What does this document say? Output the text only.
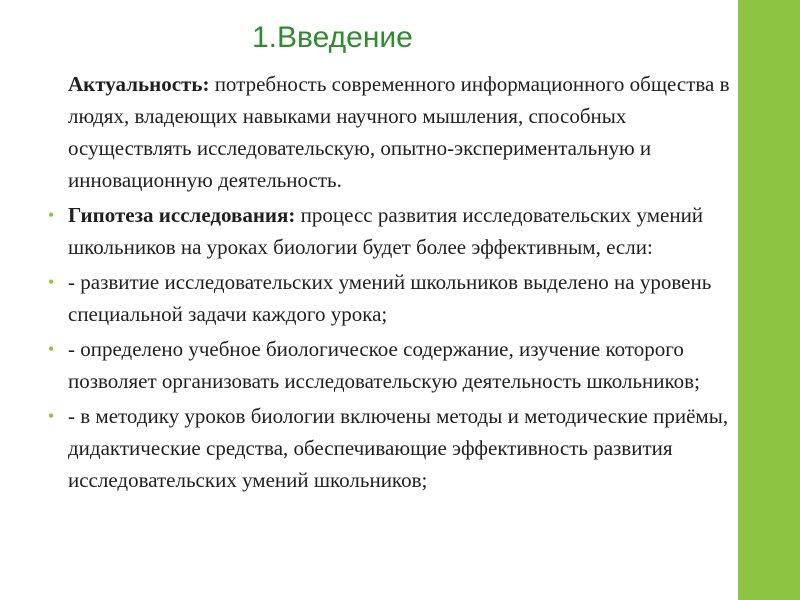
1.Введение

Актуальность: потребность современного информационного общества в людях, владеющих навыками научного мышления, способных осуществлять исследовательскую, опытно-экспериментальную и инновационную деятельность.

• Гипотеза исследования: процесс развития исследовательских умений школьников на уроках биологии будет более эффективным, если:

• - развитие исследовательских умений школьников выделено на уровень специальной задачи каждого урока;

• - определено учебное биологическое содержание, изучение которого позволяет организовать исследовательскую деятельность школьников;

• - в методику уроков биологии включены методы и методические приёмы, дидактические средства, обеспечивающие эффективность развития исследовательских умений школьников;
